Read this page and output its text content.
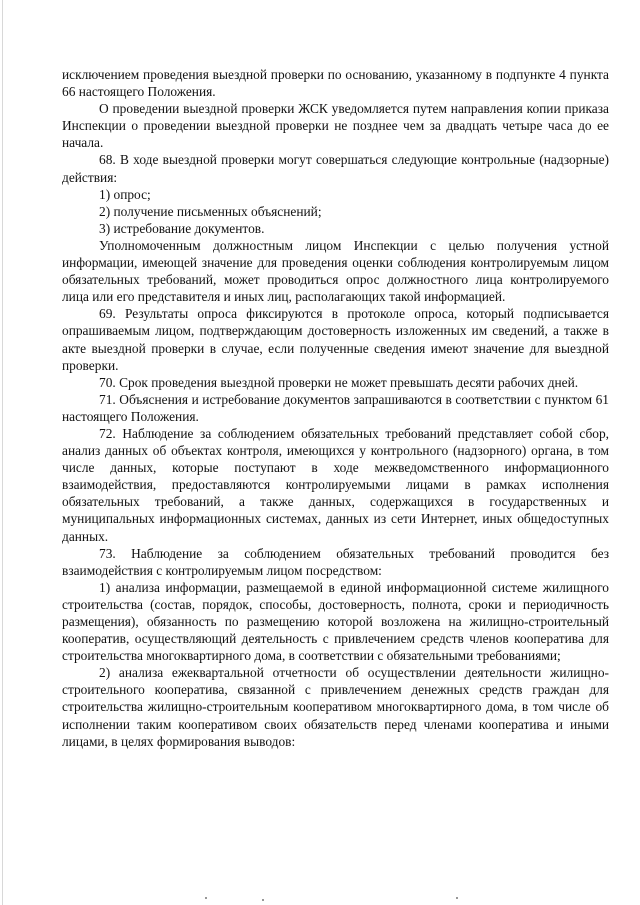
исключением проведения выездной проверки по основанию, указанному в подпункте 4 пункта 66 настоящего Положения.

О проведении выездной проверки ЖСК уведомляется путем направления копии приказа Инспекции о проведении выездной проверки не позднее чем за двадцать четыре часа до ее начала.

68. В ходе выездной проверки могут совершаться следующие контрольные (надзорные) действия:

1) опрос;

2) получение письменных объяснений;

3) истребование документов.

Уполномоченным должностным лицом Инспекции с целью получения устной информации, имеющей значение для проведения оценки соблюдения контролируемым лицом обязательных требований, может проводиться опрос должностного лица контролируемого лица или его представителя и иных лиц, располагающих такой информацией.

69. Результаты опроса фиксируются в протоколе опроса, который подписывается опрашиваемым лицом, подтверждающим достоверность изложенных им сведений, а также в акте выездной проверки в случае, если полученные сведения имеют значение для выездной проверки.

70. Срок проведения выездной проверки не может превышать десяти рабочих дней.

71. Объяснения и истребование документов запрашиваются в соответствии с пунктом 61 настоящего Положения.

72. Наблюдение за соблюдением обязательных требований представляет собой сбор, анализ данных об объектах контроля, имеющихся у контрольного (надзорного) органа, в том числе данных, которые поступают в ходе межведомственного информационного взаимодействия, предоставляются контролируемыми лицами в рамках исполнения обязательных требований, а также данных, содержащихся в государственных и муниципальных информационных системах, данных из сети Интернет, иных общедоступных данных.

73. Наблюдение за соблюдением обязательных требований проводится без взаимодействия с контролируемым лицом посредством:

1) анализа информации, размещаемой в единой информационной системе жилищного строительства (состав, порядок, способы, достоверность, полнота, сроки и периодичность размещения), обязанность по размещению которой возложена на жилищно-строительный кооператив, осуществляющий деятельность с привлечением средств членов кооператива для строительства многоквартирного дома, в соответствии с обязательными требованиями;

2) анализа ежеквартальной отчетности об осуществлении деятельности жилищно-строительного кооператива, связанной с привлечением денежных средств граждан для строительства жилищно-строительным кооперативом многоквартирного дома, в том числе об исполнении таким кооперативом своих обязательств перед членами кооператива и иными лицами, в целях формирования выводов:
